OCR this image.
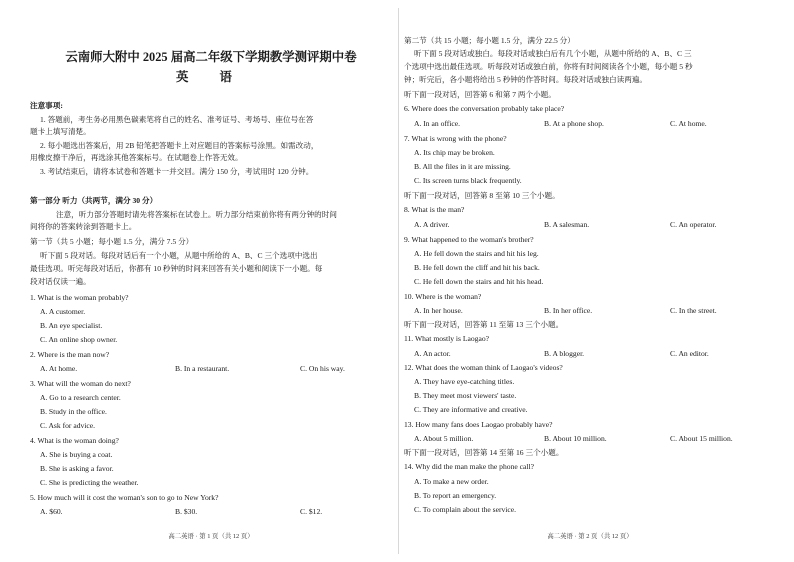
云南师大附中 2025 届高二年级下学期教学测评期中卷
英 语
注意事项:
1. 答题前，考生务必用黑色碳素笔将自己的姓名、准考证号、考场号、座位号在答
题卡上填写清楚。
2. 每小题选出答案后，用 2B 铅笔把答题卡上对应题目的答案标号涂黑。如需改动，
用橡皮擦干净后，再选涂其他答案标号。在试题卷上作答无效。
3. 考试结束后，请将本试卷和答题卡一并交回。满分 150 分，考试用时 120 分钟。
第一部分 听力（共两节，满分 30 分）
注意，听力部分答题时请先将答案标在试卷上。听力部分结束前你将有两分钟的时间
间将你的答案转涂到答题卡上。
第一节（共 5 小题；每小题 1.5 分，满分 7.5 分）
听下面 5 段对话。每段对话后有一个小题，从题中所给的 A、B、C 三个选项中选出
最佳选项。听完每段对话后，你都有 10 秒钟的时间来回答有关小题和阅读下一小题。每
段对话仅读一遍。
1. What is the woman probably?
A. A customer.
B. An eye specialist.
C. An online shop owner.
2. Where is the man now?
A. At home.	B. In a restaurant.	C. On his way.
3. What will the woman do next?
A. Go to a research center.
B. Study in the office.
C. Ask for advice.
4. What is the woman doing?
A. She is buying a coat.
B. She is asking a favor.
C. She is predicting the weather.
5. How much will it cost the woman's son to go to New York?
A. $60.	B. $30.	C. $12.
高二英语 · 第 1 页（共 12 页）
第二节（共 15 小题；每小题 1.5 分，满分 22.5 分）
听下面 5 段对话或独白。每段对话或独白后有几个小题，从题中所给的 A、B、C 三
个选项中选出最佳选项。听每段对话或独白前，你将有时间阅读各个小题，每小题 5 秒
钟；听完后，各小题将给出 5 秒钟的作答时间。每段对话或独白读两遍。
听下面一段对话，回答第 6 和第 7 两个小题。
6. Where does the conversation probably take place?
A. In an office.	B. At a phone shop.	C. At home.
7. What is wrong with the phone?
A. Its chip may be broken.
B. All the files in it are missing.
C. Its screen turns black frequently.
听下面一段对话，回答第 8 至第 10 三个小题。
8. What is the man?
A. A driver.	B. A salesman.	C. An operator.
9. What happened to the woman's brother?
A. He fell down the stairs and hit his leg.
B. He fell down the cliff and hit his back.
C. He fell down the stairs and hit his head.
10. Where is the woman?
A. In her house.	B. In her office.	C. In the street.
听下面一段对话，回答第 11 至第 13 三个小题。
11. What mostly is Laogao?
A. An actor.	B. A blogger.	C. An editor.
12. What does the woman think of Laogao's videos?
A. They have eye-catching titles.
B. They meet most viewers' taste.
C. They are informative and creative.
13. How many fans does Laogao probably have?
A. About 5 million.	B. About 10 million.	C. About 15 million.
听下面一段对话，回答第 14 至第 16 三个小题。
14. Why did the man make the phone call?
A. To make a new order.
B. To report an emergency.
C. To complain about the service.
高二英语 · 第 2 页（共 12 页）
